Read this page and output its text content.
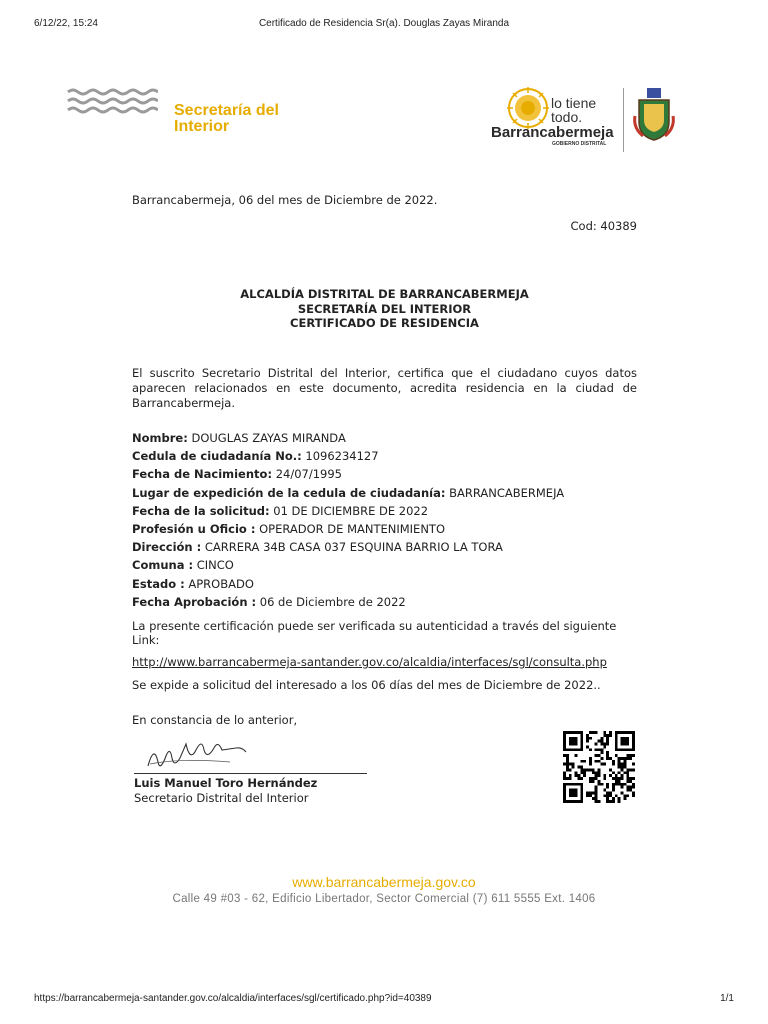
6/12/22, 15:24	Certificado de Residencia Sr(a). Douglas Zayas Miranda
Secretaría del
Interior
lo tiene
todo.
Barrancabermeja
GOBIERNO DISTRITAL
Barrancabermeja, 06 del mes de Diciembre de 2022.
Cod: 40389
ALCALDÍA DISTRITAL DE BARRANCABERMEJA
SECRETARÍA DEL INTERIOR
CERTIFICADO DE RESIDENCIA
El suscrito Secretario Distrital del Interior, certifica que el ciudadano cuyos datos aparecen relacionados en este documento, acredita residencia en la ciudad de Barrancabermeja.
Nombre: DOUGLAS ZAYAS MIRANDA
Cedula de ciudadanía No.: 1096234127
Fecha de Nacimiento: 24/07/1995
Lugar de expedición de la cedula de ciudadanía: BARRANCABERMEJA
Fecha de la solicitud: 01 DE DICIEMBRE DE 2022
Profesión u Oficio : OPERADOR DE MANTENIMIENTO
Dirección : CARRERA 34B CASA 037 ESQUINA BARRIO LA TORA
Comuna : CINCO
Estado : APROBADO
Fecha Aprobación : 06 de Diciembre de 2022
La presente certificación puede ser verificada su autenticidad a través del siguiente Link:
http://www.barrancabermeja-santander.gov.co/alcaldia/interfaces/sgl/consulta.php
Se expide a solicitud del interesado a los 06 días del mes de Diciembre de 2022..
En constancia de lo anterior,
Luis Manuel Toro Hernández
Secretario Distrital del Interior
www.barrancabermeja.gov.co
Calle 49 #03 - 62, Edificio Libertador, Sector Comercial (7) 611 5555 Ext. 1406
https://barrancabermeja-santander.gov.co/alcaldia/interfaces/sgl/certificado.php?id=40389	1/1
